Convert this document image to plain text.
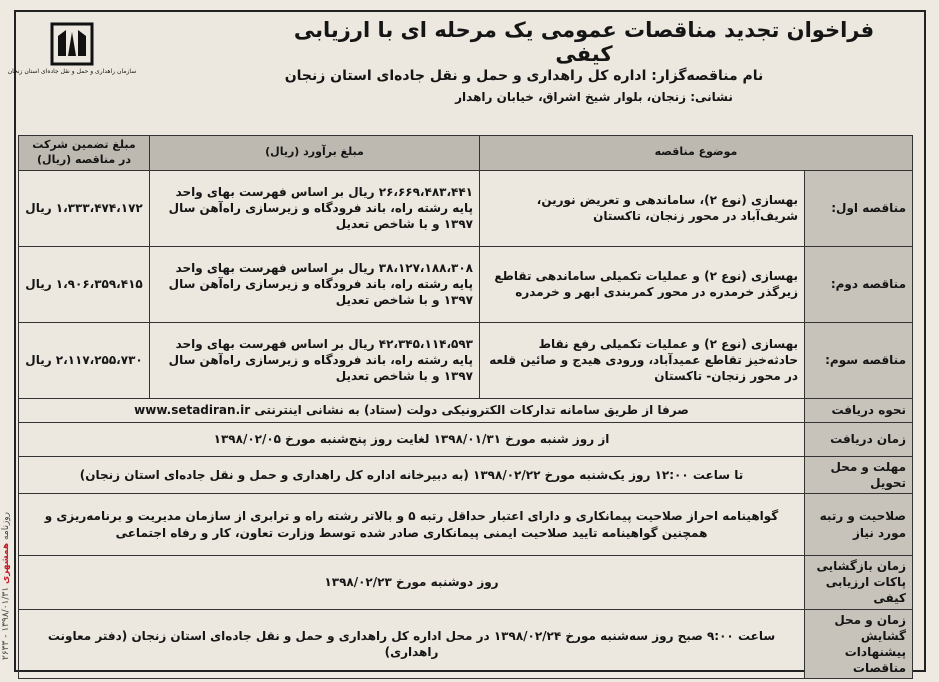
سازمان راهداری و حمل و نقل جاده‌ای استان زنجان
فراخوان تجدید مناقصات عمومی یک مرحله ای با ارزیابی کیفی
نام مناقصه‌گزار: اداره کل راهداری و حمل و نقل جاده‌ای استان زنجان
نشانی: زنجان، بلوار شیخ اشراق، خیابان راهدار
موضوع مناقصه		مبلغ برآورد (ریال)	مبلغ تضمین شرکت در مناقصه (ریال)
مناقصه اول:	بهسازی (نوع ۲)، ساماندهی و تعریض نورین، شریف‌آباد در محور زنجان، تاکستان	۲۶،۶۶۹،۴۸۳،۴۴۱ ریال بر اساس فهرست بهای واحد پایه رشته راه، باند فرودگاه و زیرسازی راه‌آهن سال ۱۳۹۷ و با شاخص تعدیل	۱،۳۳۳،۴۷۴،۱۷۲ ریال
مناقصه دوم:	بهسازی (نوع ۲) و عملیات تکمیلی ساماندهی تقاطع زیرگذر خرمدره در محور کمربندی ابهر و خرمدره	۳۸،۱۲۷،۱۸۸،۳۰۸ ریال بر اساس فهرست بهای واحد پایه رشته راه، باند فرودگاه و زیرسازی راه‌آهن سال ۱۳۹۷ و با شاخص تعدیل	۱،۹۰۶،۳۵۹،۴۱۵ ریال
مناقصه سوم:	بهسازی (نوع ۲) و عملیات تکمیلی رفع نقاط حادثه‌خیز تقاطع عمیدآباد، ورودی هیدج و صائین قلعه در محور زنجان- تاکستان	۴۲،۳۴۵،۱۱۴،۵۹۳ ریال بر اساس فهرست بهای واحد پایه رشته راه، باند فرودگاه و زیرسازی راه‌آهن سال ۱۳۹۷ و با شاخص تعدیل	۲،۱۱۷،۲۵۵،۷۳۰ ریال
نحوه دریافت	صرفا از طریق سامانه تدارکات الکترونیکی دولت (ستاد) به نشانی اینترنتی www.setadiran.ir		
زمان دریافت	از روز شنبه مورخ ۱۳۹۸/۰۱/۳۱ لغایت روز پنج‌شنبه مورخ ۱۳۹۸/۰۲/۰۵		
مهلت و محل تحویل	تا ساعت ۱۲:۰۰ روز یک‌شنبه مورخ ۱۳۹۸/۰۲/۲۲ (به دبیرخانه اداره کل راهداری و حمل و نقل جاده‌ای استان زنجان)		
صلاحیت و رتبه مورد نیاز	گواهینامه احراز صلاحیت پیمانکاری و دارای اعتبار حداقل رتبه ۵ و بالاتر رشته راه و ترابری از سازمان مدیریت و برنامه‌ریزی و همچنین گواهینامه تایید صلاحیت ایمنی پیمانکاری صادر شده توسط وزارت تعاون، کار و رفاه اجتماعی		
زمان بازگشایی پاکات ارزیابی کیفی	روز دوشنبه مورخ ۱۳۹۸/۰۲/۲۳		
زمان و محل گشایش پیشنهادات مناقصات	ساعت ۹:۰۰ صبح روز سه‌شنبه مورخ ۱۳۹۸/۰۲/۲۴ در محل اداره کل راهداری و حمل و نقل جاده‌ای استان زنجان (دفتر معاونت راهداری)		
روزنامه همشهری ۱۳۹۸/۰۱/۳۱ - ۲۶۳۳
